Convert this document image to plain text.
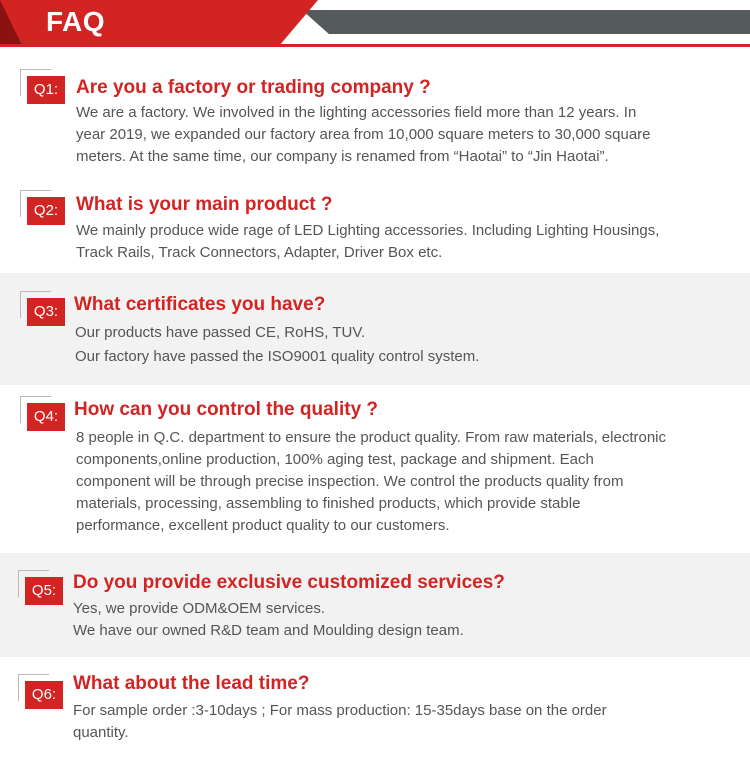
FAQ
Q1: Are you a factory or trading company ?

We are a factory. We involved in the lighting accessories field more than 12 years. In
year 2019, we expanded our factory area from 10,000 square meters to 30,000 square
meters. At the same time, our company is renamed from “Haotai” to “Jin Haotai”.

Q2: What is your main product ?

We mainly produce wide rage of LED Lighting accessories. Including Lighting Housings,
Track Rails, Track Connectors, Adapter, Driver Box etc.

Q3: What certificates you have?

Our products have passed CE, RoHS, TUV.
Our factory have passed the ISO9001 quality control system.

Q4: How can you control the quality ?

8 people in Q.C. department to ensure the product quality. From raw materials, electronic
components,online production, 100% aging test, package and shipment. Each
component will be through precise inspection. We control the products quality from
materials, processing, assembling to finished products, which provide stable
performance, excellent product quality to our customers.

Q5: Do you provide exclusive customized services?

Yes, we provide ODM&OEM services.
We have our owned R&D team and Moulding design team.

Q6:
What about the lead time?

For sample order :3-10days ; For mass production: 15-35days base on the order
quantity.
